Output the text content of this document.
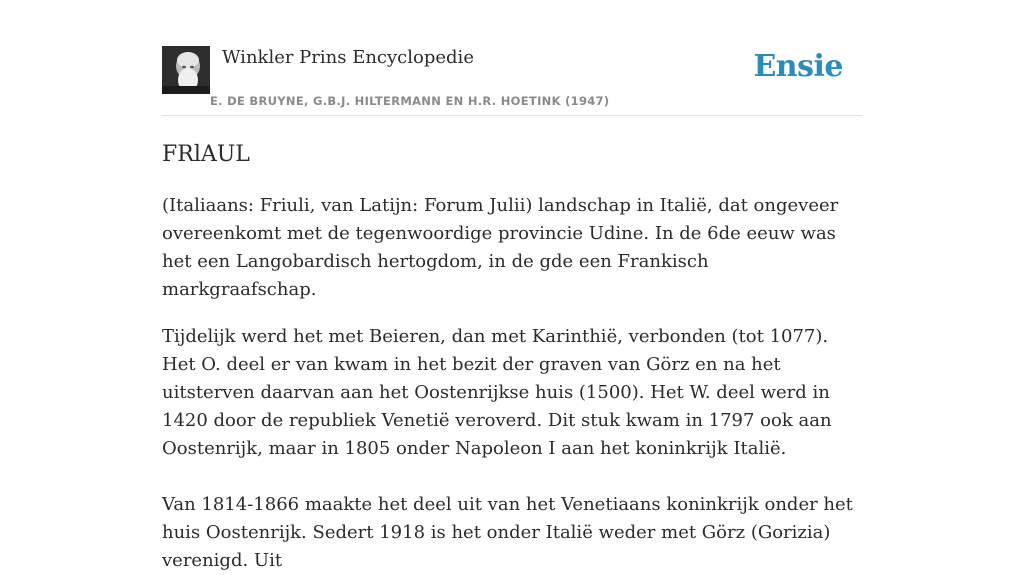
Winkler Prins Encyclopedie
E. DE BRUYNE, G.B.J. HILTERMANN EN H.R. HOETINK (1947)
Ensie
FRlAUL

(Italiaans: Friuli, van Latijn: Forum Julii) landschap in Italië, dat ongeveer overeenkomt met de tegenwoordige provincie Udine. In de 6de eeuw was het een Langobardisch hertogdom, in de gde een Frankisch markgraafschap.

Tijdelijk werd het met Beieren, dan met Karinthië, verbonden (tot 1077). Het O. deel er van kwam in het bezit der graven van Görz en na het uitsterven daarvan aan het Oostenrijkse huis (1500). Het W. deel werd in 1420 door de republiek Venetië veroverd. Dit stuk kwam in 1797 ook aan Oostenrijk, maar in 1805 onder Napoleon I aan het koninkrijk Italië.

Van 1814-1866 maakte het deel uit van het Venetiaans koninkrijk onder het huis Oostenrijk. Sedert 1918 is het onder Italië weder met Görz (Gorizia) verenigd. Uit
